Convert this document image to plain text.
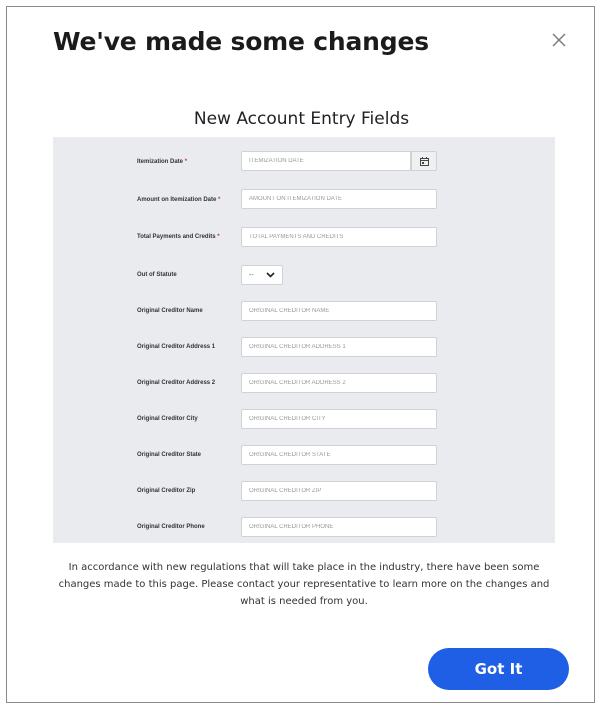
We've made some changes
New Account Entry Fields
Itemization Date *
ITEMIZATION DATE
Amount on Itemization Date *
AMOUNT ON ITEMIZATION DATE
Total Payments and Credits *
TOTAL PAYMENTS AND CREDITS
Out of Statute	--
Original Creditor Name
ORIGINAL CREDITOR NAME
Original Creditor Address 1
ORIGINAL CREDITOR ADDRESS 1
Original Creditor Address 2
ORIGINAL CREDITOR ADDRESS 2
Original Creditor City
ORIGINAL CREDITOR CITY
Original Creditor State
ORIGINAL CREDITOR STATE
Original Creditor Zip
ORIGINAL CREDITOR ZIP
Original Creditor Phone
ORIGINAL CREDITOR PHONE

In accordance with new regulations that will take place in the industry, there have been some changes made to this page. Please contact your representative to learn more on the changes and what is needed from you.

Got It
